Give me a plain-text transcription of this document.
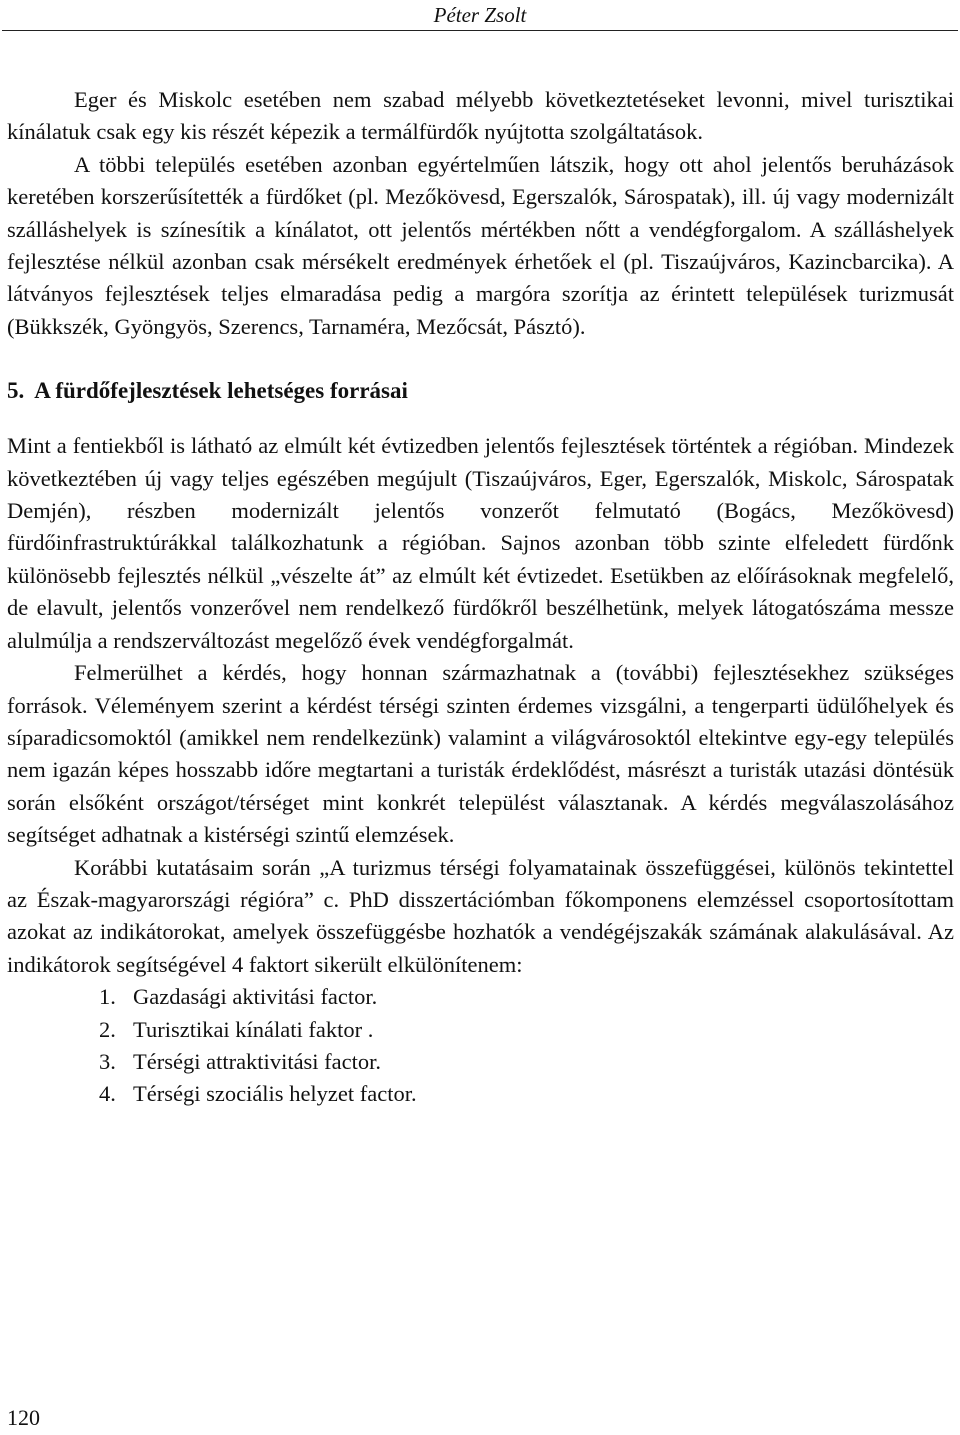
Péter Zsolt

Eger és Miskolc esetében nem szabad mélyebb következtetéseket levonni, mivel turisztikai kínálatuk csak egy kis részét képezik a termálfürdők nyújtotta szolgáltatások.

A többi település esetében azonban egyértelműen látszik, hogy ott ahol jelentős beruházások keretében korszerűsítették a fürdőket (pl. Mezőkövesd, Egerszalók, Sárospatak), ill. új vagy modernizált szálláshelyek is színesítik a kínálatot, ott jelentős mértékben nőtt a vendégforgalom. A szálláshelyek fejlesztése nélkül azonban csak mérsékelt eredmények érhetőek el (pl. Tiszaújváros, Kazincbarcika). A látványos fejlesztések teljes elmaradása pedig a margóra szorítja az érintett települések turizmusát (Bükkszék, Gyöngyös, Szerencs, Tarnaméra, Mezőcsát, Pásztó).

5. A fürdőfejlesztések lehetséges forrásai

Mint a fentiekből is látható az elmúlt két évtizedben jelentős fejlesztések történtek a régióban. Mindezek következtében új vagy teljes egészében megújult (Tiszaújváros, Eger, Egerszalók, Miskolc, Sárospatak Demjén), részben modernizált jelentős vonzerőt felmutató (Bogács, Mezőkövesd) fürdőinfrastruktúrákkal találkozhatunk a régióban. Sajnos azonban több szinte elfeledett fürdőnk különösebb fejlesztés nélkül „vészelte át” az elmúlt két évtizedet. Esetükben az előírásoknak megfelelő, de elavult, jelentős vonzerővel nem rendelkező fürdőkről beszélhetünk, melyek látogatószáma messze alulmúlja a rendszerváltozást megelőző évek vendégforgalmát.

Felmerülhet a kérdés, hogy honnan származhatnak a (további) fejlesztésekhez szükséges források. Véleményem szerint a kérdést térségi szinten érdemes vizsgálni, a tengerparti üdülőhelyek és síparadicsomoktól (amikkel nem rendelkezünk) valamint a világvárosoktól eltekintve egy-egy település nem igazán képes hosszabb időre megtartani a turisták érdeklődést, másrészt a turisták utazási döntésük során elsőként országot/térséget mint konkrét települést választanak. A kérdés megválaszolásához segítséget adhatnak a kistérségi szintű elemzések.

Korábbi kutatásaim során „A turizmus térségi folyamatainak összefüggései, különös tekintettel az Észak-magyarországi régióra” c. PhD disszertációmban főkomponens elemzéssel csoportosítottam azokat az indikátorokat, amelyek összefüggésbe hozhatók a vendégéjszakák számának alakulásával. Az indikátorok segítségével 4 faktort sikerült elkülönítenem:

1. Gazdasági aktivitási factor.
2. Turisztikai kínálati faktor .
3. Térségi attraktivitási factor.
4. Térségi szociális helyzet factor.
120
